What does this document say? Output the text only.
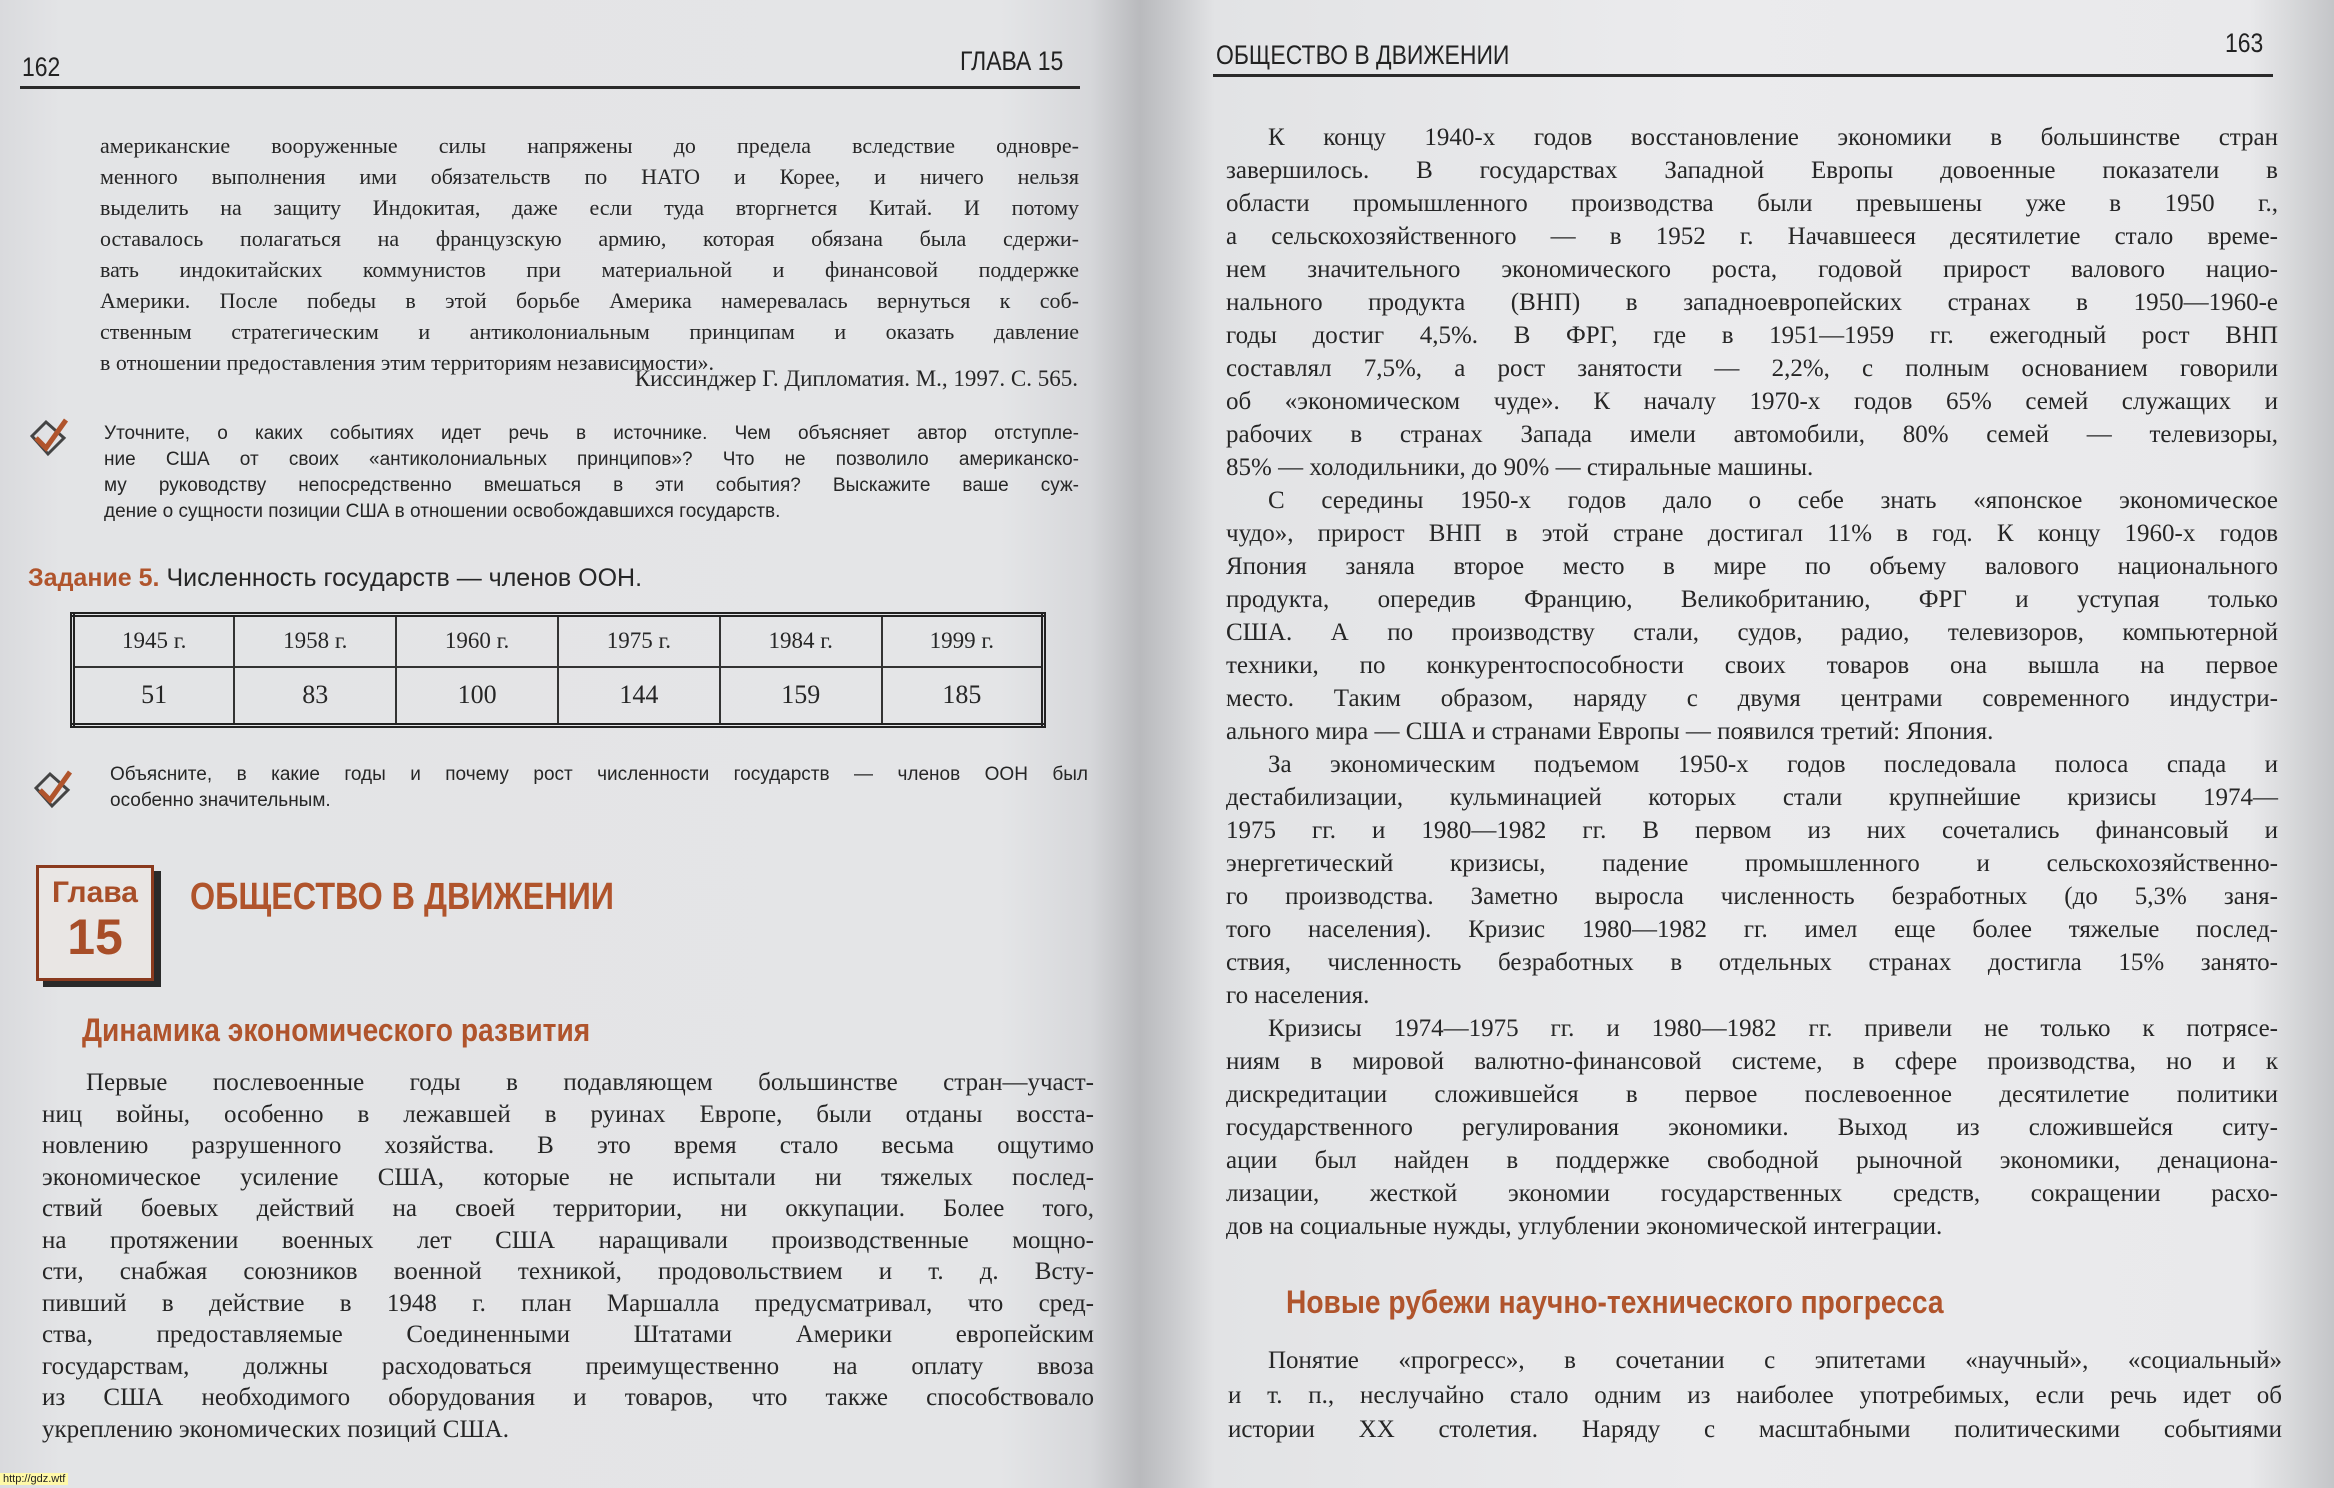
162	ГЛАВА 15
американские вооруженные силы напряжены до предела вследствие одновре-
менного выполнения ими обязательств по НАТО и Корее, и ничего нельзя
выделить на защиту Индокитая, даже если туда вторгнется Китай. И потому
оставалось полагаться на французскую армию, которая обязана была сдержи-
вать индокитайских коммунистов при материальной и финансовой поддержке
Америки. После победы в этой борьбе Америка намеревалась вернуться к соб-
ственным стратегическим и антиколониальным принципам и оказать давление
в отношении предоставления этим территориям независимости».
Киссинджер Г. Дипломатия. М., 1997. С. 565.
Уточните, о каких событиях идет речь в источнике. Чем объясняет автор отступле-
ние США от своих «антиколониальных принципов»? Что не позволило американско-
му руководству непосредственно вмешаться в эти события? Выскажите ваше суж-
дение о сущности позиции США в отношении освобождавшихся государств.
Задание 5. Численность государств — членов ООН.
1945 г.	1958 г.	1960 г.	1975 г.	1984 г.	1999 г.
51	83	100	144	159	185
Объясните, в какие годы и почему рост численности государств — членов ООН был
особенно значительным.
Глава
15
ОБЩЕСТВО В ДВИЖЕНИИ
Динамика экономического развития
Первые послевоенные годы в подавляющем большинстве стран—участ-
ниц войны, особенно в лежавшей в руинах Европе, были отданы восста-
новлению разрушенного хозяйства. В это время стало весьма ощутимо
экономическое усиление США, которые не испытали ни тяжелых послед-
ствий боевых действий на своей территории, ни оккупации. Более того,
на протяжении военных лет США наращивали производственные мощно-
сти, снабжая союзников военной техникой, продовольствием и т. д. Всту-
пивший в действие в 1948 г. план Маршалла предусматривал, что сред-
ства, предоставляемые Соединенными Штатами Америки европейским
государствам, должны расходоваться преимущественно на оплату ввоза
из США необходимого оборудования и товаров, что также способствовало
укреплению экономических позиций США.
ОБЩЕСТВО В ДВИЖЕНИИ	163
К концу 1940-х годов восстановление экономики в большинстве стран
завершилось. В государствах Западной Европы довоенные показатели в
области промышленного производства были превышены уже в 1950 г.,
а сельскохозяйственного — в 1952 г. Начавшееся десятилетие стало време-
нем значительного экономического роста, годовой прирост валового нацио-
нального продукта (ВНП) в западноевропейских странах в 1950—1960-е
годы достиг 4,5%. В ФРГ, где в 1951—1959 гг. ежегодный рост ВНП
составлял 7,5%, а рост занятости — 2,2%, с полным основанием говорили
об «экономическом чуде». К началу 1970-х годов 65% семей служащих и
рабочих в странах Запада имели автомобили, 80% семей — телевизоры,
85% — холодильники, до 90% — стиральные машины.
С середины 1950-х годов дало о себе знать «японское экономическое
чудо», прирост ВНП в этой стране достигал 11% в год. К концу 1960-х годов
Япония заняла второе место в мире по объему валового национального
продукта, опередив Францию, Великобританию, ФРГ и уступая только
США. А по производству стали, судов, радио, телевизоров, компьютерной
техники, по конкурентоспособности своих товаров она вышла на первое
место. Таким образом, наряду с двумя центрами современного индустри-
ального мира — США и странами Европы — появился третий: Япония.
За экономическим подъемом 1950-х годов последовала полоса спада и
дестабилизации, кульминацией которых стали крупнейшие кризисы 1974—
1975 гг. и 1980—1982 гг. В первом из них сочетались финансовый и
энергетический кризисы, падение промышленного и сельскохозяйственно-
го производства. Заметно выросла численность безработных (до 5,3% заня-
того населения). Кризис 1980—1982 гг. имел еще более тяжелые послед-
ствия, численность безработных в отдельных странах достигла 15% занято-
го населения.
Кризисы 1974—1975 гг. и 1980—1982 гг. привели не только к потрясе-
ниям в мировой валютно-финансовой системе, в сфере производства, но и к
дискредитации сложившейся в первое послевоенное десятилетие политики
государственного регулирования экономики. Выход из сложившейся ситу-
ации был найден в поддержке свободной рыночной экономики, денациона-
лизации, жесткой экономии государственных средств, сокращении расхо-
дов на социальные нужды, углублении экономической интеграции.
Новые рубежи научно-технического прогресса
Понятие «прогресс», в сочетании с эпитетами «научный», «социальный»
и т. п., неслучайно стало одним из наиболее употребимых, если речь идет об
истории XX столетия. Наряду с масштабными политическими событиями
http://gdz.wtf
